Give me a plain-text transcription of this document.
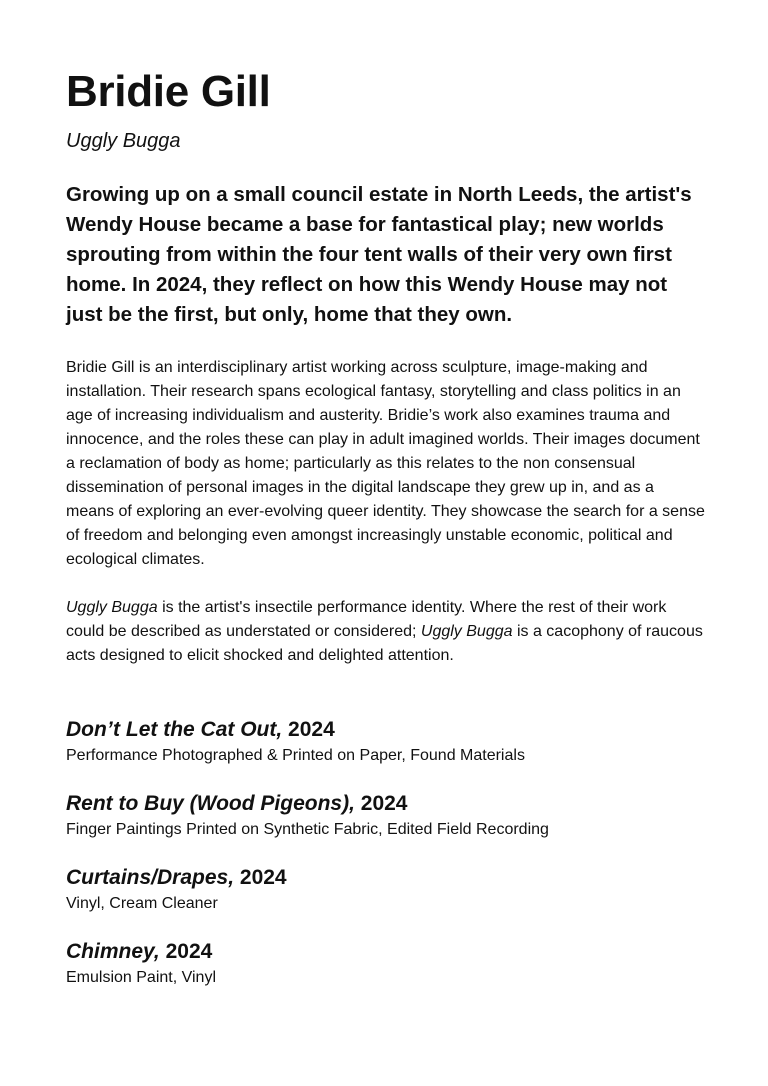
Bridie Gill
Uggly Bugga

Growing up on a small council estate in North Leeds, the artist's Wendy House became a base for fantastical play; new worlds sprouting from within the four tent walls of their very own first home. In 2024, they reflect on how this Wendy House may not just be the first, but only, home that they own.

Bridie Gill is an interdisciplinary artist working across sculpture, image-making and installation. Their research spans ecological fantasy, storytelling and class politics in an age of increasing individualism and austerity. Bridie’s work also examines trauma and innocence, and the roles these can play in adult imagined worlds. Their images document a reclamation of body as home; particularly as this relates to the non consensual dissemination of personal images in the digital landscape they grew up in, and as a means of exploring an ever-evolving queer identity. They showcase the search for a sense of freedom and belonging even amongst increasingly unstable economic, political and ecological climates.

Uggly Bugga is the artist's insectile performance identity. Where the rest of their work could be described as understated or considered; Uggly Bugga is a cacophony of raucous acts designed to elicit shocked and delighted attention.

Don’t Let the Cat Out, 2024

Performance Photographed & Printed on Paper, Found Materials

Rent to Buy (Wood Pigeons), 2024

Finger Paintings Printed on Synthetic Fabric, Edited Field Recording

Curtains/Drapes, 2024

Vinyl, Cream Cleaner

Chimney, 2024

Emulsion Paint, Vinyl
